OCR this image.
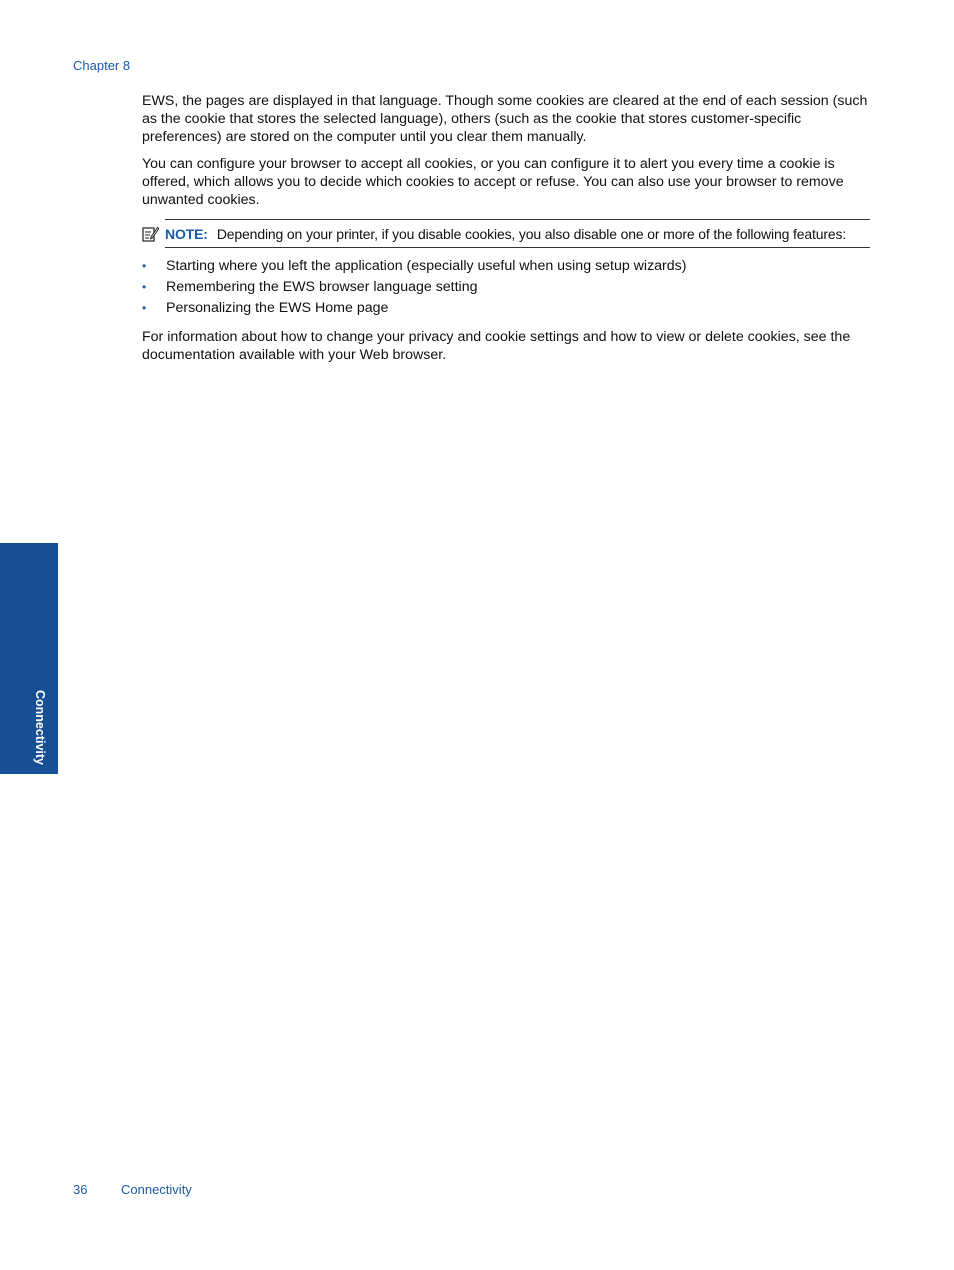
Chapter 8

EWS, the pages are displayed in that language. Though some cookies are cleared at the end of each session (such as the cookie that stores the selected language), others (such as the cookie that stores customer-specific preferences) are stored on the computer until you clear them manually.

You can configure your browser to accept all cookies, or you can configure it to alert you every time a cookie is offered, which allows you to decide which cookies to accept or refuse. You can also use your browser to remove unwanted cookies.

NOTE: Depending on your printer, if you disable cookies, you also disable one or more of the following features:
• Starting where you left the application (especially useful when using setup wizards)
• Remembering the EWS browser language setting
• Personalizing the EWS Home page

For information about how to change your privacy and cookie settings and how to view or delete cookies, see the documentation available with your Web browser.

Connectivity
36	Connectivity
